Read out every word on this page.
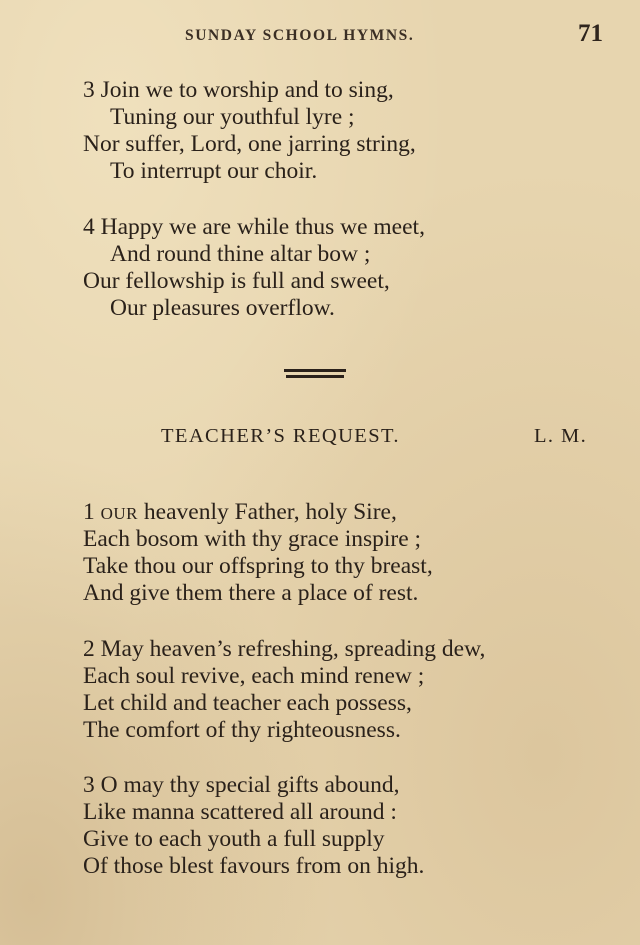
SUNDAY SCHOOL HYMNS.	71
3 Join we to worship and to sing,
Tuning our youthful lyre ;
Nor suffer, Lord, one jarring string,
To interrupt our choir.
4 Happy we are while thus we meet,
And round thine altar bow ;
Our fellowship is full and sweet,
Our pleasures overflow.
TEACHER’S REQUEST.	L. M.
1 OUR heavenly Father, holy Sire,
Each bosom with thy grace inspire ;
Take thou our offspring to thy breast,
And give them there a place of rest.
2 May heaven’s refreshing, spreading dew,
Each soul revive, each mind renew ;
Let child and teacher each possess,
The comfort of thy righteousness.
3 O may thy special gifts abound,
Like manna scattered all around :
Give to each youth a full supply
Of those blest favours from on high.
